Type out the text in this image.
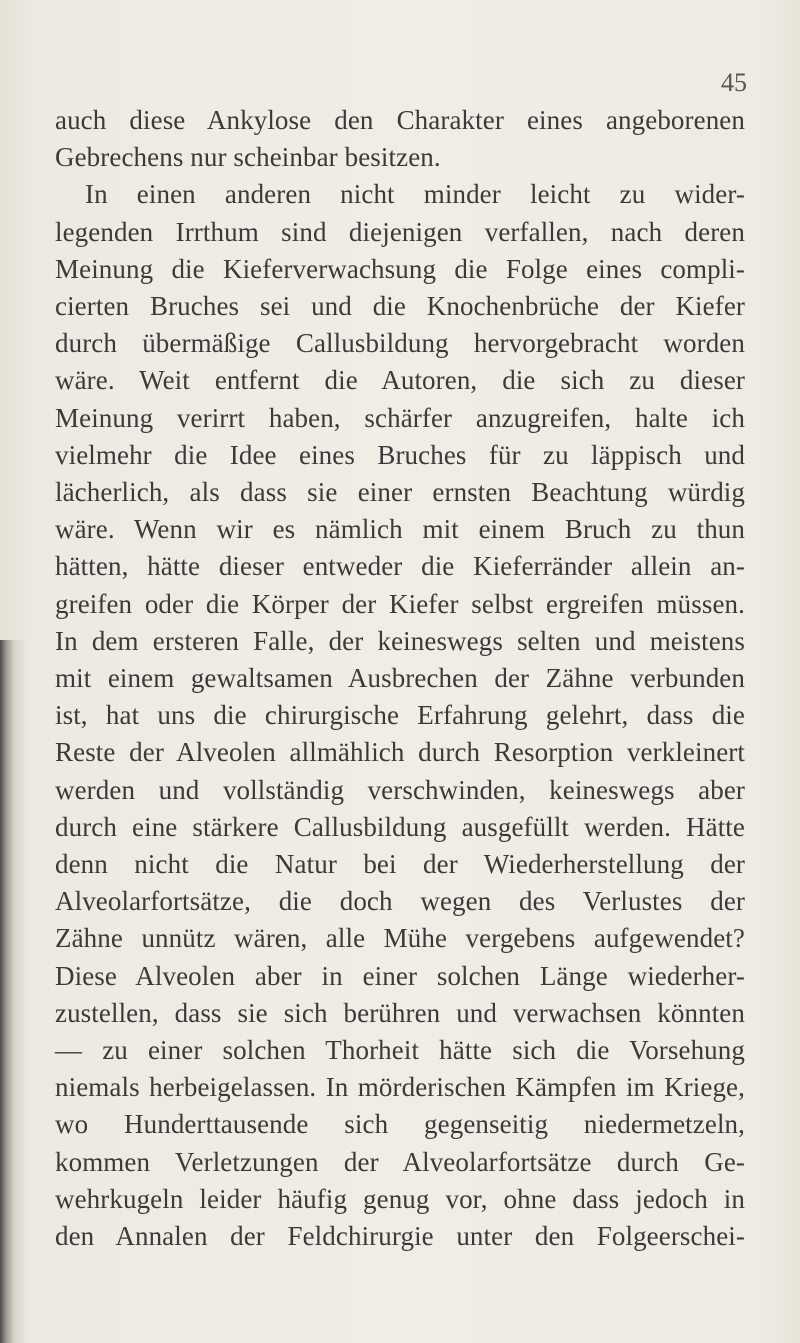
45
auch diese Ankylose den Charakter eines angeborenen
Gebrechens nur scheinbar besitzen.
In einen anderen nicht minder leicht zu wider-
legenden Irrthum sind diejenigen verfallen, nach deren
Meinung die Kieferverwachsung die Folge eines compli-
cierten Bruches sei und die Knochenbrüche der Kiefer
durch übermäßige Callusbildung hervorgebracht worden
wäre. Weit entfernt die Autoren, die sich zu dieser
Meinung verirrt haben, schärfer anzugreifen, halte ich
vielmehr die Idee eines Bruches für zu läppisch und
lächerlich, als dass sie einer ernsten Beachtung würdig
wäre. Wenn wir es nämlich mit einem Bruch zu thun
hätten, hätte dieser entweder die Kieferränder allein an-
greifen oder die Körper der Kiefer selbst ergreifen müssen.
In dem ersteren Falle, der keineswegs selten und meistens
mit einem gewaltsamen Ausbrechen der Zähne verbunden
ist, hat uns die chirurgische Erfahrung gelehrt, dass die
Reste der Alveolen allmählich durch Resorption verkleinert
werden und vollständig verschwinden, keineswegs aber
durch eine stärkere Callusbildung ausgefüllt werden. Hätte
denn nicht die Natur bei der Wiederherstellung der
Alveolarfortsätze, die doch wegen des Verlustes der
Zähne unnütz wären, alle Mühe vergebens aufgewendet?
Diese Alveolen aber in einer solchen Länge wiederher-
zustellen, dass sie sich berühren und verwachsen könnten
— zu einer solchen Thorheit hätte sich die Vorsehung
niemals herbeigelassen. In mörderischen Kämpfen im Kriege,
wo Hunderttausende sich gegenseitig niedermetzeln,
kommen Verletzungen der Alveolarfortsätze durch Ge-
wehrkugeln leider häufig genug vor, ohne dass jedoch in
den Annalen der Feldchirurgie unter den Folgeerschei-
